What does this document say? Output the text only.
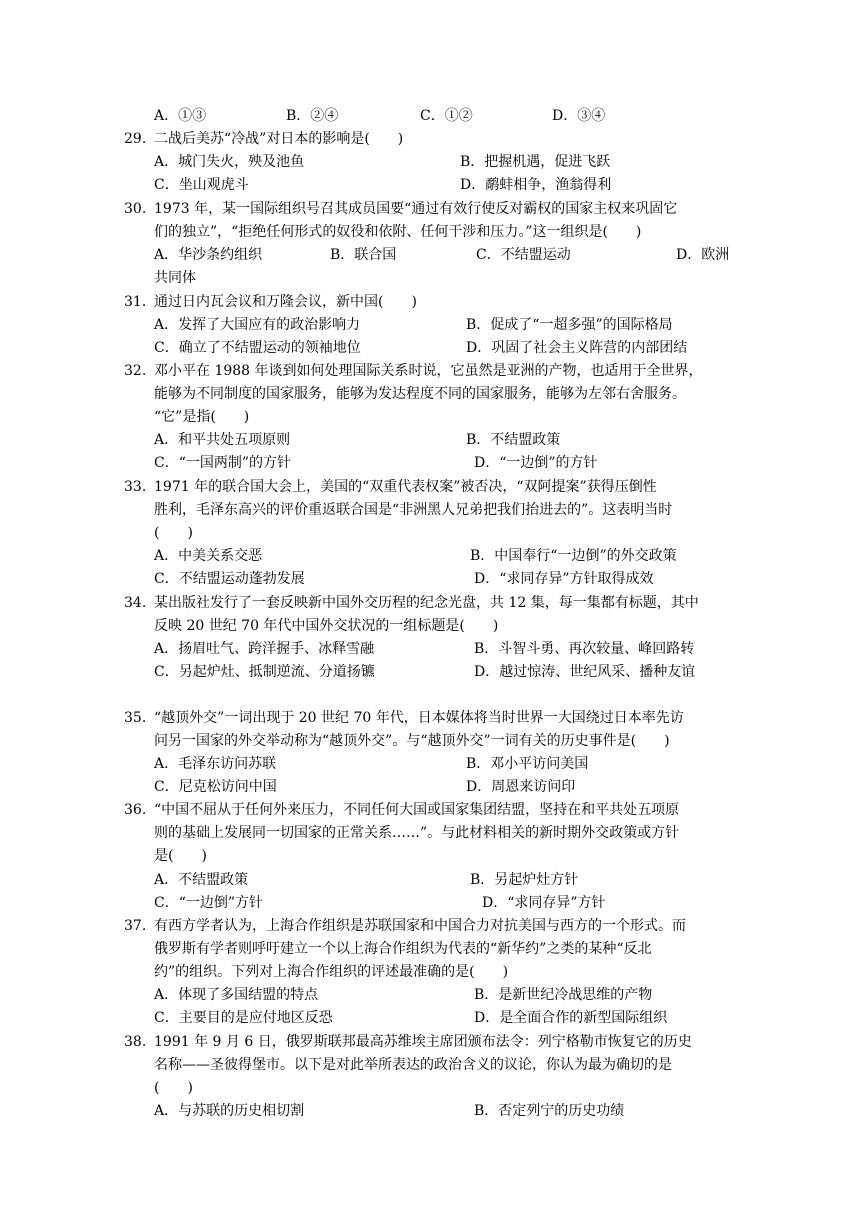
A．①③	B．②④	C．①②	D．③④
29. 二战后美苏“冷战”对日本的影响是(　　)
A．城门失火，殃及池鱼	B．把握机遇，促进飞跃
C．坐山观虎斗	D．鹬蚌相争，渔翁得利
30. 1973 年，某一国际组织号召其成员国要“通过有效行使反对霸权的国家主权来巩固它
们的独立”，“拒绝任何形式的奴役和依附、任何干涉和压力。”这一组织是(　　)
A．华沙条约组织	B．联合国	C．不结盟运动	D．欧洲
共同体
31. 通过日内瓦会议和万隆会议，新中国(　　)
A．发挥了大国应有的政治影响力	B．促成了“一超多强”的国际格局
C．确立了不结盟运动的领袖地位	D．巩固了社会主义阵营的内部团结
32. 邓小平在 1988 年谈到如何处理国际关系时说，它虽然是亚洲的产物，也适用于全世界，
能够为不同制度的国家服务，能够为发达程度不同的国家服务，能够为左邻右舍服务。
“它”是指(　　)
A．和平共处五项原则	B．不结盟政策
C．“一国两制”的方针	D．“一边倒”的方针
33. 1971 年的联合国大会上，美国的“双重代表权案”被否决，“双阿提案”获得压倒性
胜利，毛泽东高兴的评价重返联合国是“非洲黑人兄弟把我们抬进去的”。这表明当时
(　　)
A．中美关系交恶	B．中国奉行“一边倒”的外交政策
C．不结盟运动蓬勃发展	D．“求同存异”方针取得成效
34. 某出版社发行了一套反映新中国外交历程的纪念光盘，共 12 集，每一集都有标题，其中
反映 20 世纪 70 年代中国外交状况的一组标题是(　　)
A．扬眉吐气、跨洋握手、冰释雪融	B．斗智斗勇、再次较量、峰回路转
C．另起炉灶、抵制逆流、分道扬镳	D．越过惊涛、世纪风采、播种友谊
35. “越顶外交”一词出现于 20 世纪 70 年代，日本媒体将当时世界一大国绕过日本率先访
问另一国家的外交举动称为“越顶外交”。与“越顶外交”一词有关的历史事件是(　　)
A．毛泽东访问苏联	B．邓小平访问美国
C．尼克松访问中国	D．周恩来访问印
36. “中国不屈从于任何外来压力，不同任何大国或国家集团结盟，坚持在和平共处五项原
则的基础上发展同一切国家的正常关系……”。与此材料相关的新时期外交政策或方针
是(　　)
A．不结盟政策	B．另起炉灶方针
C．“一边倒”方针	D．“求同存异”方针
37. 有西方学者认为，上海合作组织是苏联国家和中国合力对抗美国与西方的一个形式。而
俄罗斯有学者则呼吁建立一个以上海合作组织为代表的“新华约”之类的某种“反北
约”的组织。下列对上海合作组织的评述最准确的是(　　)
A．体现了多国结盟的特点	B．是新世纪冷战思维的产物
C．主要目的是应付地区反恐	D．是全面合作的新型国际组织
38. 1991 年 9 月 6 日，俄罗斯联邦最高苏维埃主席团颁布法令：列宁格勒市恢复它的历史
名称——圣彼得堡市。以下是对此举所表达的政治含义的议论，你认为最为确切的是
(　　)
A．与苏联的历史相切割	B．否定列宁的历史功绩
